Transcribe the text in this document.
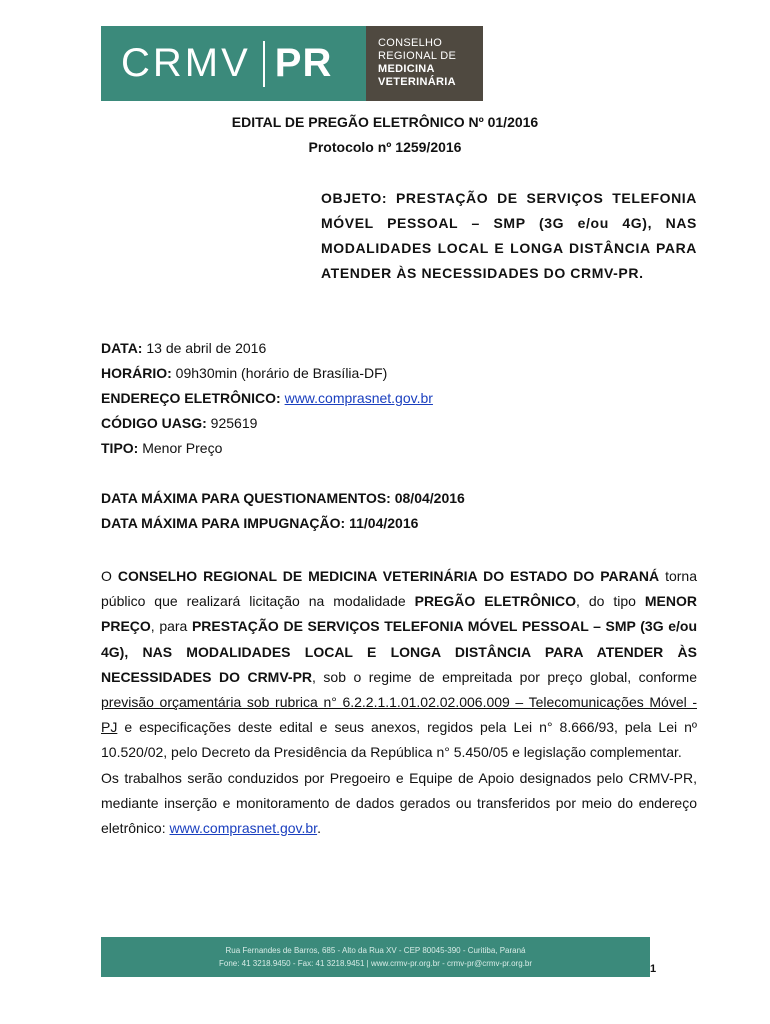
CRMV PR	CONSELHO
REGIONAL DE
MEDICINA
VETERINÁRIA
EDITAL DE PREGÃO ELETRÔNICO Nº 01/2016
Protocolo nº 1259/2016
OBJETO: PRESTAÇÃO DE SERVIÇOS TELEFONIA MÓVEL PESSOAL – SMP (3G e/ou 4G), NAS MODALIDADES LOCAL E LONGA DISTÂNCIA PARA ATENDER ÀS NECESSIDADES DO CRMV-PR.
DATA: 13 de abril de 2016
HORÁRIO: 09h30min (horário de Brasília-DF)
ENDEREÇO ELETRÔNICO: www.comprasnet.gov.br
CÓDIGO UASG: 925619
TIPO: Menor Preço
DATA MÁXIMA PARA QUESTIONAMENTOS: 08/04/2016
DATA MÁXIMA PARA IMPUGNAÇÃO: 11/04/2016

O CONSELHO REGIONAL DE MEDICINA VETERINÁRIA DO ESTADO DO PARANÁ torna público que realizará licitação na modalidade PREGÃO ELETRÔNICO, do tipo MENOR PREÇO, para PRESTAÇÃO DE SERVIÇOS TELEFONIA MÓVEL PESSOAL – SMP (3G e/ou 4G), NAS MODALIDADES LOCAL E LONGA DISTÂNCIA PARA ATENDER ÀS NECESSIDADES DO CRMV-PR, sob o regime de empreitada por preço global, conforme previsão orçamentária sob rubrica n° 6.2.2.1.1.01.02.02.006.009 – Telecomunicações Móvel - PJ e especificações deste edital e seus anexos, regidos pela Lei n° 8.666/93, pela Lei nº 10.520/02, pelo Decreto da Presidência da República n° 5.450/05 e legislação complementar.

Os trabalhos serão conduzidos por Pregoeiro e Equipe de Apoio designados pelo CRMV-PR, mediante inserção e monitoramento de dados gerados ou transferidos por meio do endereço eletrônico: www.comprasnet.gov.br.

Rua Fernandes de Barros, 685 - Alto da Rua XV - CEP 80045-390 - Curitiba, Paraná
Fone: 41 3218.9450 - Fax: 41 3218.9451 | www.crmv-pr.org.br - crmv-pr@crmv-pr.org.br	1
